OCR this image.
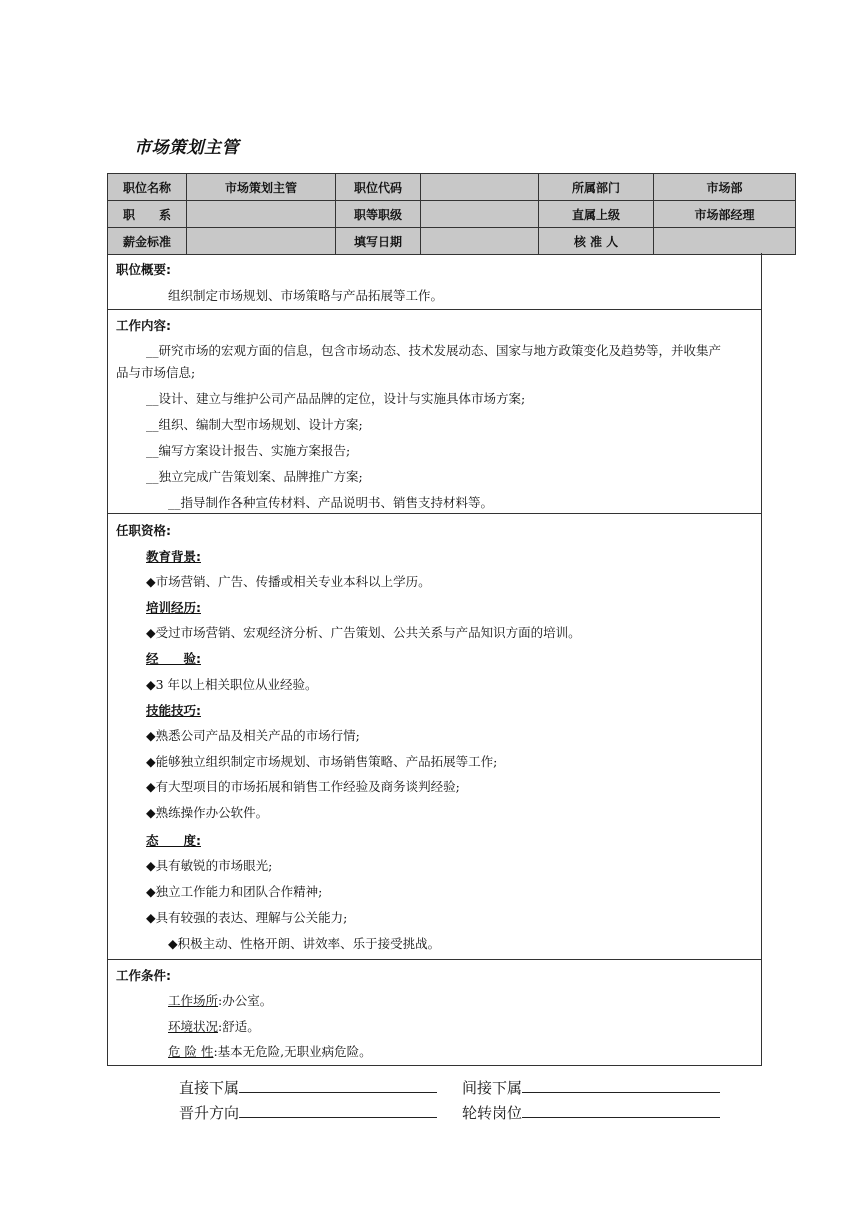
市场策划主管
职位名称	市场策划主管	职位代码		所属部门	市场部
职　　系		职等职级		直属上级	市场部经理
薪金标准		填写日期		核 准 人	
职位概要:
组织制定市场规划、市场策略与产品拓展等工作。
工作内容:
__研究市场的宏观方面的信息，包含市场动态、技术发展动态、国家与地方政策变化及趋势等，并收集产
品与市场信息;
__设计、建立与维护公司产品品牌的定位，设计与实施具体市场方案;
__组织、编制大型市场规划、设计方案;
__编写方案设计报告、实施方案报告;
__独立完成广告策划案、品牌推广方案;
__指导制作各种宣传材料、产品说明书、销售支持材料等。
任职资格:
教育背景:
◆市场营销、广告、传播或相关专业本科以上学历。
培训经历:
◆受过市场营销、宏观经济分析、广告策划、公共关系与产品知识方面的培训。
经　　验:
◆3 年以上相关职位从业经验。
技能技巧:
◆熟悉公司产品及相关产品的市场行情;
◆能够独立组织制定市场规划、市场销售策略、产品拓展等工作;
◆有大型项目的市场拓展和销售工作经验及商务谈判经验;
◆熟练操作办公软件。
态　　度:
◆具有敏锐的市场眼光;
◆独立工作能力和团队合作精神;
◆具有较强的表达、理解与公关能力;
◆积极主动、性格开朗、讲效率、乐于接受挑战。
工作条件:
工作场所:办公室。
环境状况:舒适。
危 险 性:基本无危险,无职业病危险。
直接下属	间接下属
晋升方向	轮转岗位
